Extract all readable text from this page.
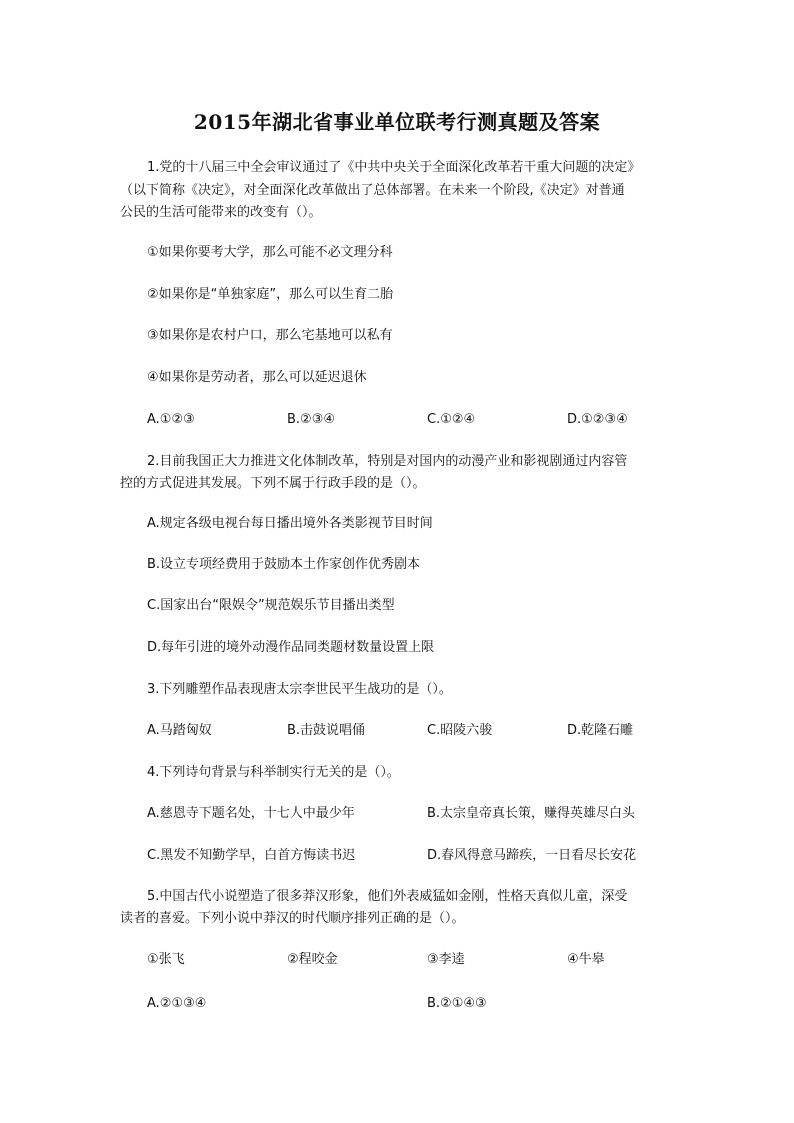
2015年湖北省事业单位联考行测真题及答案
1.党的十八届三中全会审议通过了《中共中央关于全面深化改革若干重大问题的决定》
（以下简称《决定》，对全面深化改革做出了总体部署。在未来一个阶段,《决定》对普通
公民的生活可能带来的改变有（）。
①如果你要考大学，那么可能不必文理分科
②如果你是“单独家庭”，那么可以生育二胎
③如果你是农村户口，那么宅基地可以私有
④如果你是劳动者，那么可以延迟退休
A.①②③	B.②③④	C.①②④	D.①②③④
2.目前我国正大力推进文化体制改革，特别是对国内的动漫产业和影视剧通过内容管
控的方式促进其发展。下列不属于行政手段的是（）。
A.规定各级电视台每日播出境外各类影视节目时间
B.设立专项经费用于鼓励本土作家创作优秀剧本
C.国家出台“限娱令”规范娱乐节目播出类型
D.每年引进的境外动漫作品同类题材数量设置上限
3.下列雕塑作品表现唐太宗李世民平生战功的是（）。
A.马踏匈奴	B.击鼓说唱俑	C.昭陵六骏	D.乾隆石雕
4.下列诗句背景与科举制实行无关的是（）。
A.慈恩寺下题名处，十七人中最少年	B.太宗皇帝真长策，赚得英雄尽白头
C.黑发不知勤学早，白首方悔读书迟	D.春风得意马蹄疾，一日看尽长安花
5.中国古代小说塑造了很多莽汉形象，他们外表威猛如金刚，性格天真似儿童，深受
读者的喜爱。下列小说中莽汉的时代顺序排列正确的是（）。
①张飞	②程咬金	③李逵	④牛皋
A.②①③④	B.②①④③
